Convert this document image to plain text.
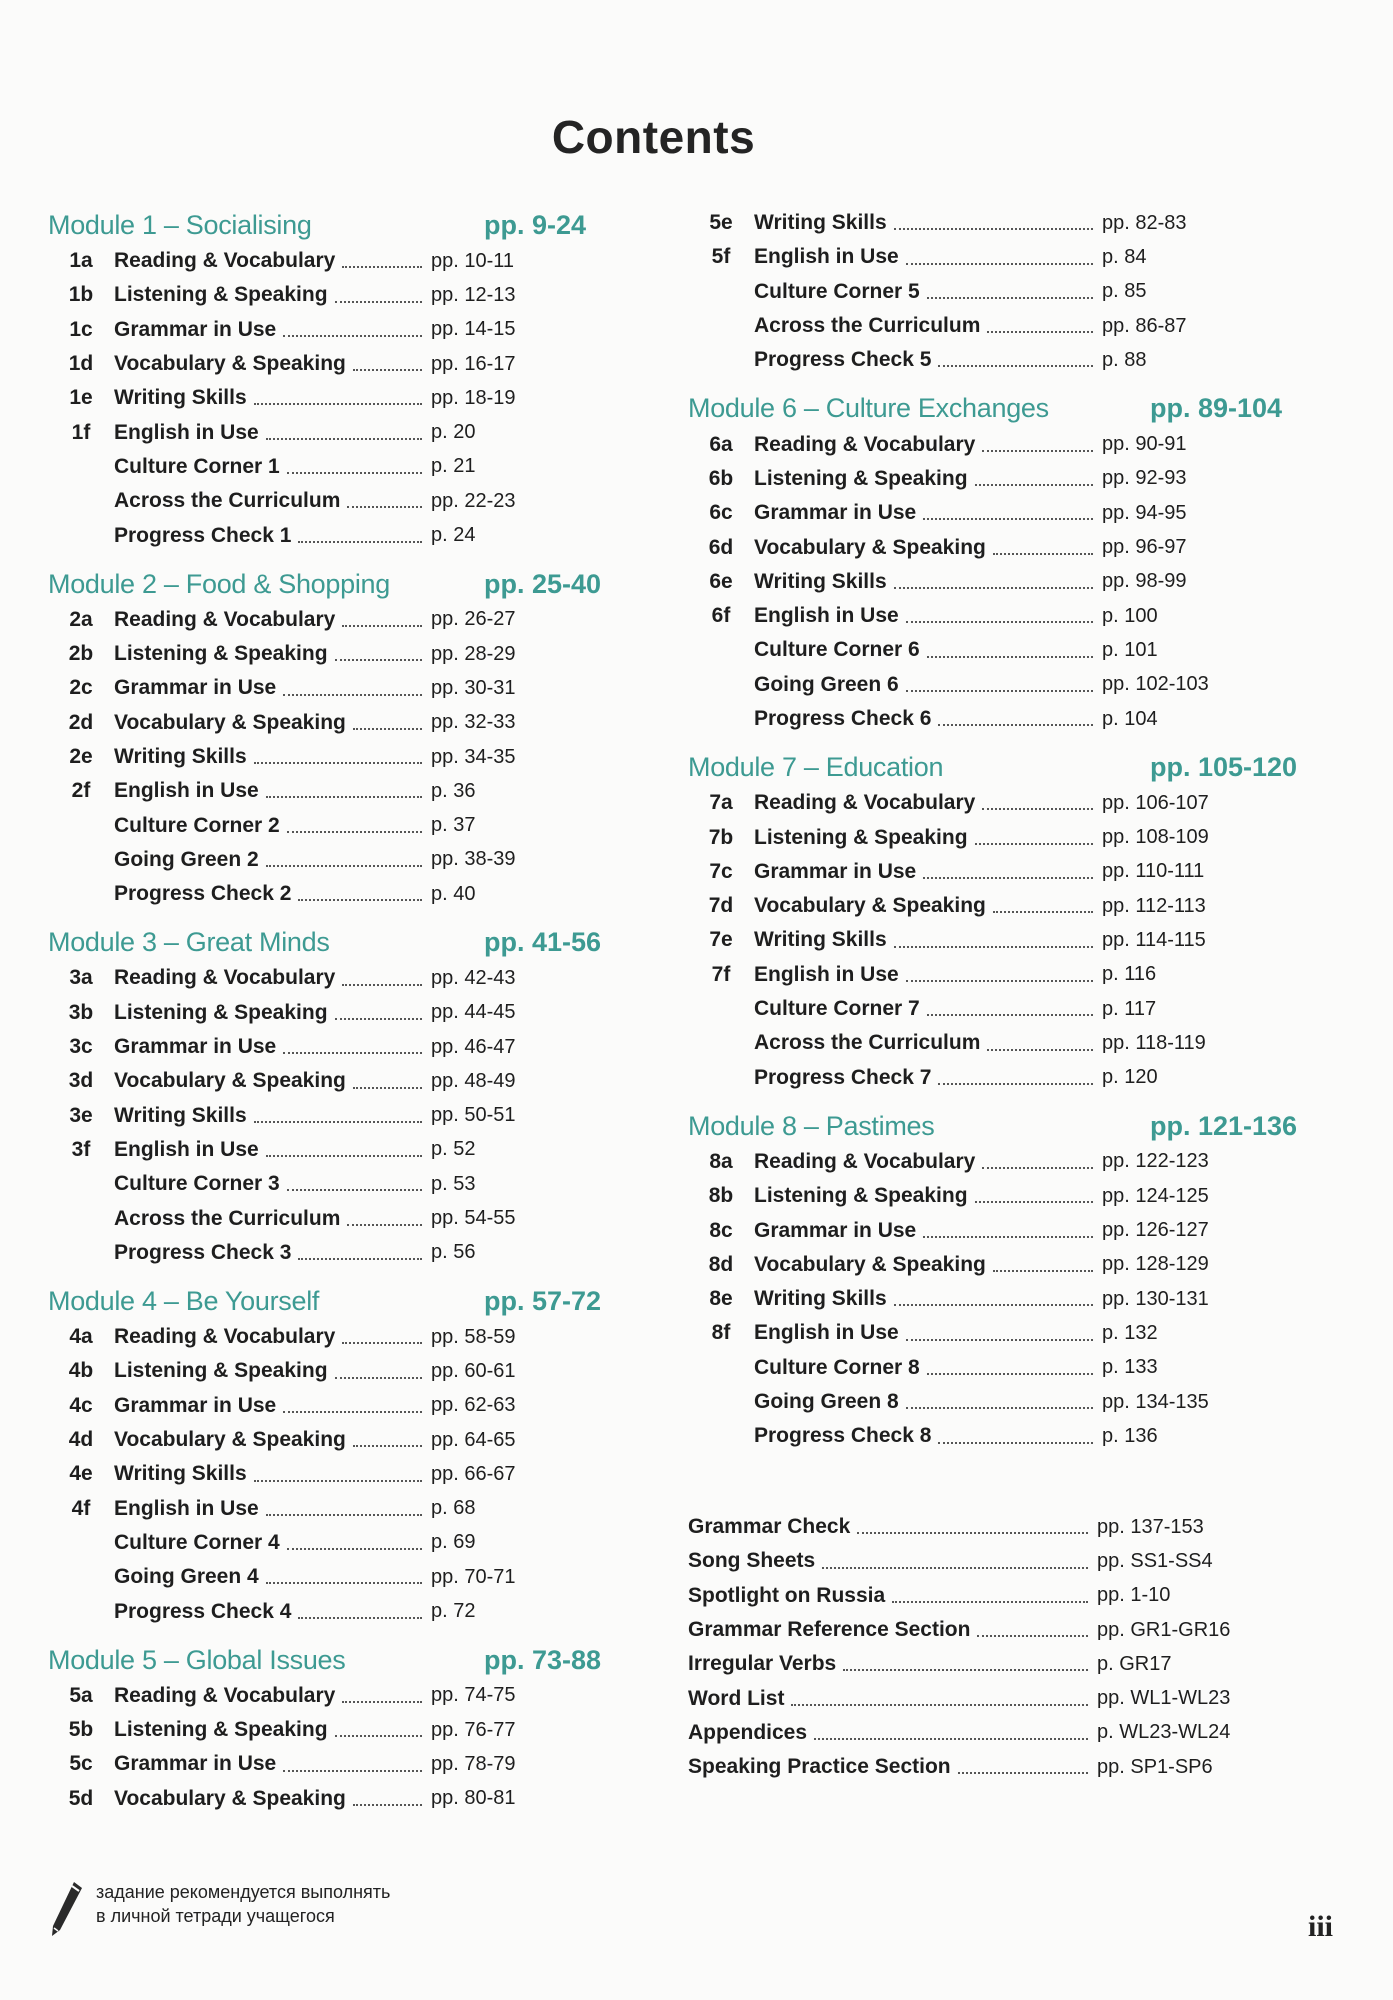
Contents
Module 1 – Socialising	pp. 9-24
1a	Reading & Vocabulary	pp. 10-11
1b Listening & Speaking	pp. 12-13
1c	Grammar in Use	pp. 14-15
1d Vocabulary & Speaking	pp. 16-17
1e	Writing Skills	pp. 18-19
1f	English in Use	p. 20
Culture Corner 1	p. 21
Across the Curriculum	pp. 22-23
Progress Check 1	p. 24
Module 2 – Food & Shopping	pp. 25-40
2a	Reading & Vocabulary	pp. 26-27
2b Listening & Speaking	pp. 28-29
2c	Grammar in Use	pp. 30-31
2d Vocabulary & Speaking	pp. 32-33
2e	Writing Skills	pp. 34-35
2f	English in Use	p. 36
Culture Corner 2	p. 37
Going Green 2	pp. 38-39
Progress Check 2	p. 40
Module 3 – Great Minds	pp. 41-56
3a	Reading & Vocabulary	pp. 42-43
3b Listening & Speaking	pp. 44-45
3c	Grammar in Use	pp. 46-47
3d Vocabulary & Speaking	pp. 48-49
3e	Writing Skills	pp. 50-51
3f	English in Use	p. 52
Culture Corner 3	p. 53
Across the Curriculum	pp. 54-55
Progress Check 3	p. 56
Module 4 – Be Yourself	pp. 57-72
4a	Reading & Vocabulary	pp. 58-59
4b Listening & Speaking	pp. 60-61
4c	Grammar in Use	pp. 62-63
4d Vocabulary & Speaking	pp. 64-65
4e	Writing Skills	pp. 66-67
4f	English in Use	p. 68
Culture Corner 4	p. 69
Going Green 4	pp. 70-71
Progress Check 4	p. 72
Module 5 – Global Issues	pp. 73-88
5a	Reading & Vocabulary	pp. 74-75
5b Listening & Speaking	pp. 76-77
5c	Grammar in Use	pp. 78-79
5d Vocabulary & Speaking	pp. 80-81
5e	Writing Skills	pp. 82-83
5f	English in Use	p. 84
Culture Corner 5	p. 85
Across the Curriculum	pp. 86-87
Progress Check 5	p. 88
Module 6 – Culture Exchanges	pp. 89-104
6a	Reading & Vocabulary	pp. 90-91
6b Listening & Speaking	pp. 92-93
6c	Grammar in Use	pp. 94-95
6d Vocabulary & Speaking	pp. 96-97
6e	Writing Skills	pp. 98-99
6f	English in Use	p. 100
Culture Corner 6	p. 101
Going Green 6	pp. 102-103
Progress Check 6	p. 104
Module 7 – Education	pp. 105-120
7a	Reading & Vocabulary	pp. 106-107
7b Listening & Speaking	pp. 108-109
7c	Grammar in Use	pp. 110-111
7d Vocabulary & Speaking	pp. 112-113
7e	Writing Skills	pp. 114-115
7f	English in Use	p. 116
Culture Corner 7	p. 117
Across the Curriculum	pp. 118-119
Progress Check 7	p. 120
Module 8 – Pastimes	pp. 121-136
8a	Reading & Vocabulary	pp. 122-123
8b Listening & Speaking	pp. 124-125
8c	Grammar in Use	pp. 126-127
8d Vocabulary & Speaking	pp. 128-129
8e	Writing Skills	pp. 130-131
8f	English in Use	p. 132
Culture Corner 8	p. 133
Going Green 8	pp. 134-135
Progress Check 8	p. 136
Grammar Check	pp. 137-153
Song Sheets	pp. SS1-SS4
Spotlight on Russia	pp. 1-10
Grammar Reference Section	pp. GR1-GR16
Irregular Verbs	p. GR17
Word List	pp. WL1-WL23
Appendices	p. WL23-WL24
Speaking Practice Section	pp. SP1-SP6
задание рекомендуется выполнять
в личной тетради учащегося	iii
